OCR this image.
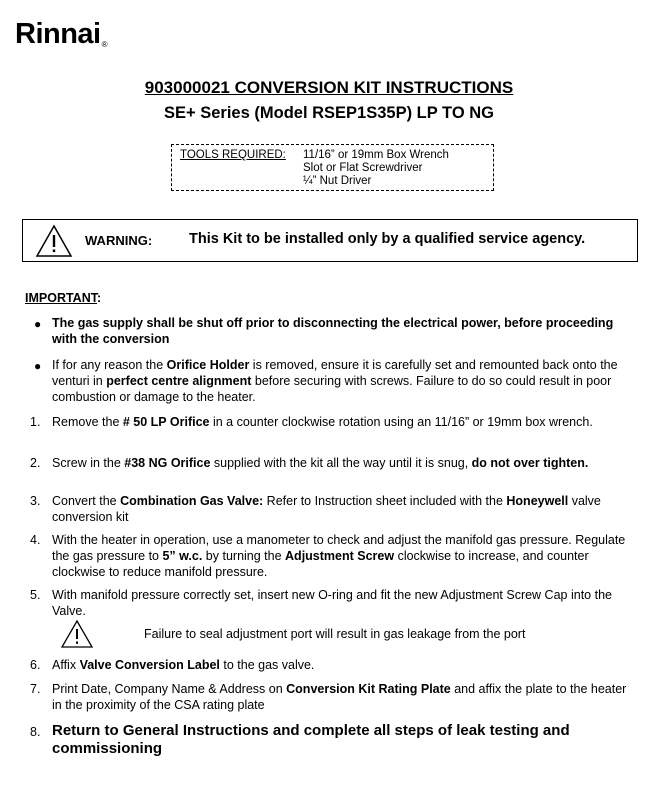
Rinnai®
903000021 CONVERSION KIT INSTRUCTIONS
SE+ Series (Model RSEP1S35P) LP TO NG
TOOLS REQUIRED: 11/16” or 19mm Box Wrench
Slot or Flat Screwdriver
¼” Nut Driver
WARNING:	This Kit to be installed only by a qualified service agency.
IMPORTANT:
● The gas supply shall be shut off prior to disconnecting the electrical power, before proceeding with the conversion
● If for any reason the Orifice Holder is removed, ensure it is carefully set and remounted back onto the venturi in perfect centre alignment before securing with screws. Failure to do so could result in poor combustion or damage to the heater.
1. Remove the # 50 LP Orifice in a counter clockwise rotation using an 11/16” or 19mm box wrench.
2. Screw in the #38 NG Orifice supplied with the kit all the way until it is snug, do not over tighten.
3. Convert the Combination Gas Valve: Refer to Instruction sheet included with the Honeywell valve conversion kit
4. With the heater in operation, use a manometer to check and adjust the manifold gas pressure. Regulate the gas pressure to 5” w.c. by turning the Adjustment Screw clockwise to increase, and counter clockwise to reduce manifold pressure.
5. With manifold pressure correctly set, insert new O-ring and fit the new Adjustment Screw Cap into the Valve.
Failure to seal adjustment port will result in gas leakage from the port
6. Affix Valve Conversion Label to the gas valve.
7. Print Date, Company Name & Address on Conversion Kit Rating Plate and affix the plate to the heater in the proximity of the CSA rating plate
8. Return to General Instructions and complete all steps of leak testing and commissioning
